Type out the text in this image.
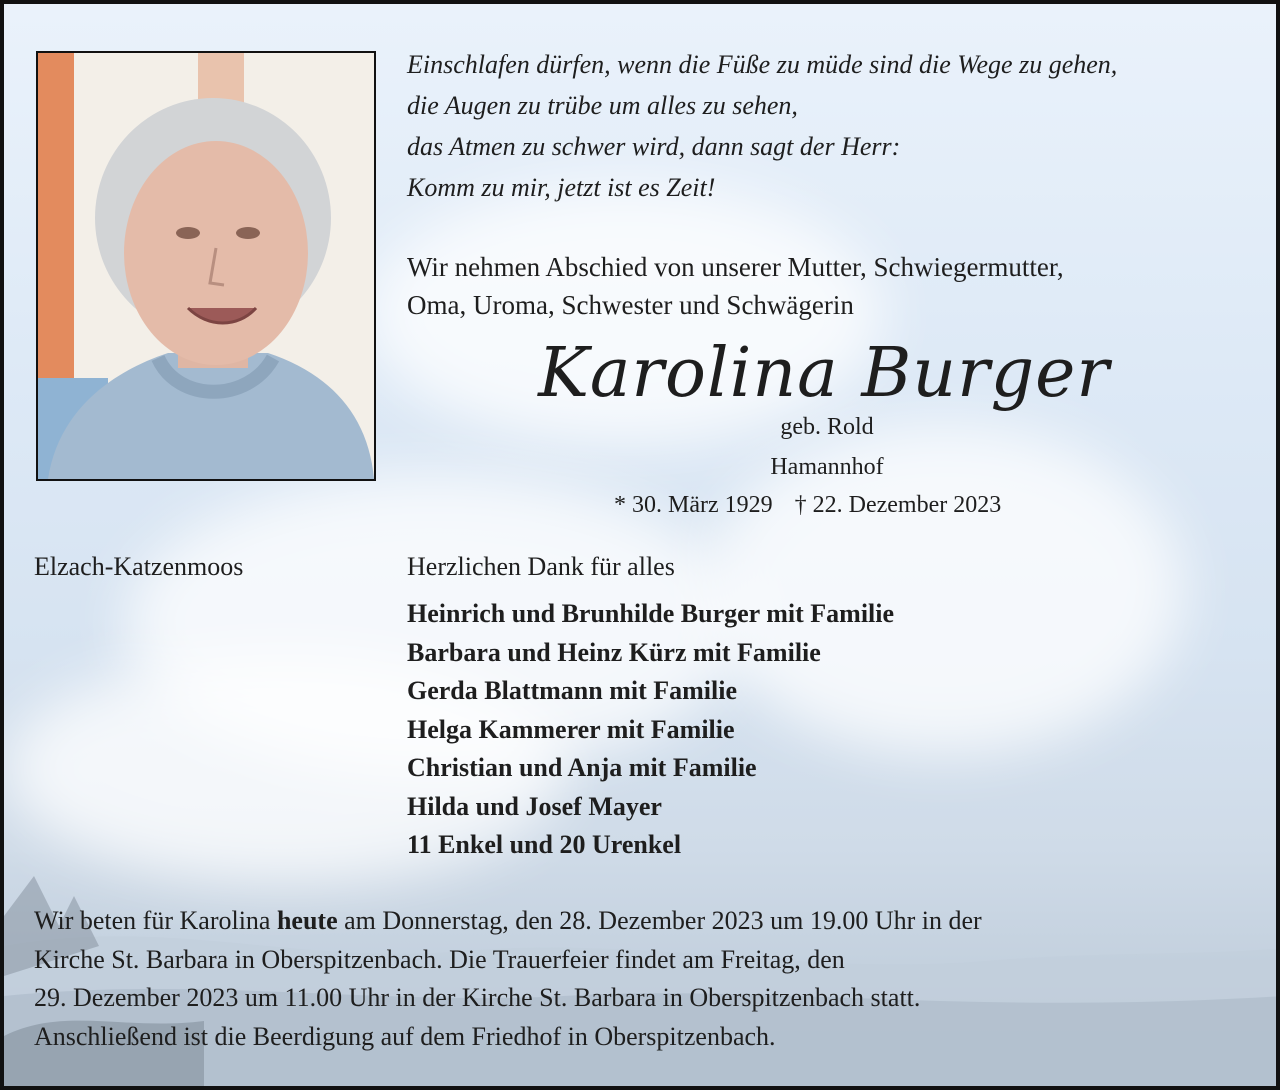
Einschlafen dürfen, wenn die Füße zu müde sind die Wege zu gehen,
die Augen zu trübe um alles zu sehen,
das Atmen zu schwer wird, dann sagt der Herr:
Komm zu mir, jetzt ist es Zeit!
Wir nehmen Abschied von unserer Mutter, Schwiegermutter,
Oma, Uroma, Schwester und Schwägerin
Karolina Burger
geb. Rold
Hamannhof
* 30. März 1929 † 22. Dezember 2023
Elzach-Katzenmoos	Herzlichen Dank für alles
Heinrich und Brunhilde Burger mit Familie
Barbara und Heinz Kürz mit Familie
Gerda Blattmann mit Familie
Helga Kammerer mit Familie
Christian und Anja mit Familie
Hilda und Josef Mayer
11 Enkel und 20 Urenkel
Wir beten für Karolina heute am Donnerstag, den 28. Dezember 2023 um 19.00 Uhr in der
Kirche St. Barbara in Oberspitzenbach. Die Trauerfeier findet am Freitag, den
29. Dezember 2023 um 11.00 Uhr in der Kirche St. Barbara in Oberspitzenbach statt.
Anschließend ist die Beerdigung auf dem Friedhof in Oberspitzenbach.
